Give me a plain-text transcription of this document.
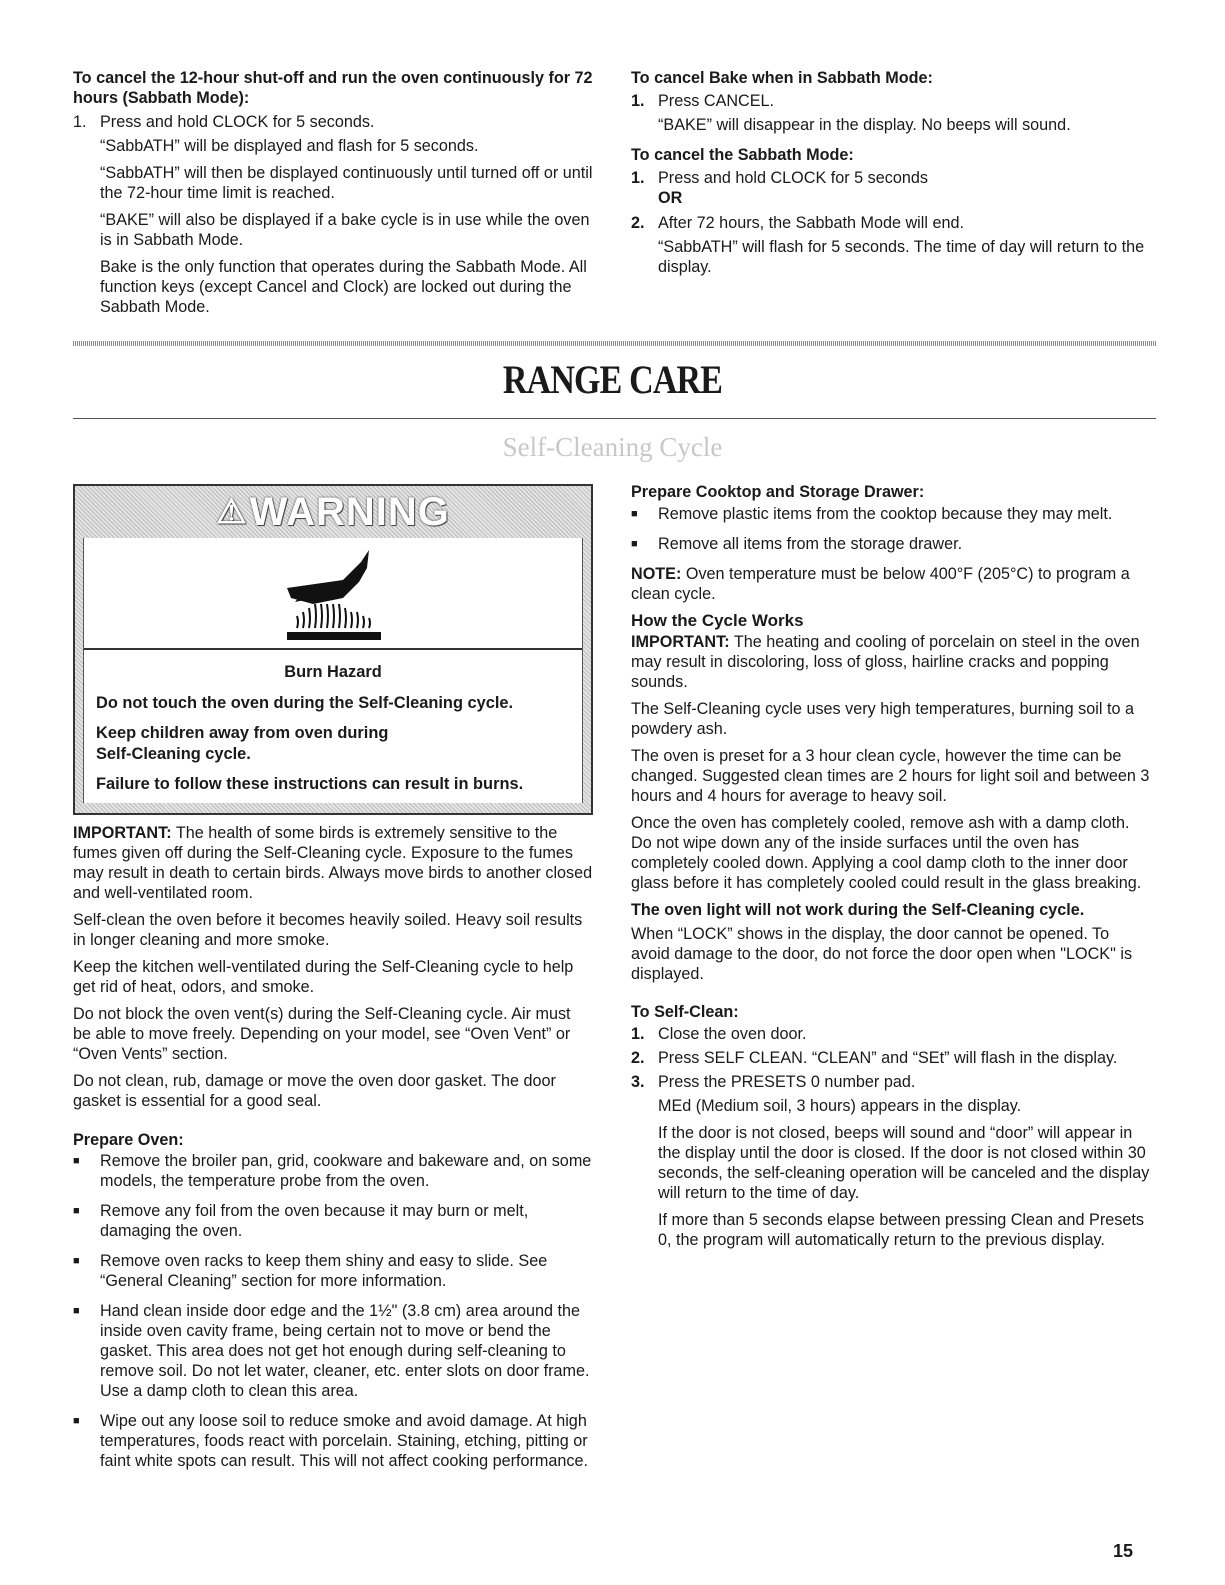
To cancel the 12-hour shut-off and run the oven continuously for 72 hours (Sabbath Mode):

1. Press and hold CLOCK for 5 seconds.

“SabbATH” will be displayed and flash for 5 seconds.

“SabbATH” will then be displayed continuously until turned off or until the 72-hour time limit is reached.

“BAKE” will also be displayed if a bake cycle is in use while the oven is in Sabbath Mode.

Bake is the only function that operates during the Sabbath Mode. All function keys (except Cancel and Clock) are locked out during the Sabbath Mode.

To cancel Bake when in Sabbath Mode:

1. Press CANCEL.

“BAKE” will disappear in the display. No beeps will sound.

To cancel the Sabbath Mode:

1. Press and hold CLOCK for 5 seconds

OR

2. After 72 hours, the Sabbath Mode will end.

“SabbATH” will flash for 5 seconds. The time of day will return to the display.

RANGE CARE
Self-Cleaning Cycle
⚠ WARNING
Burn Hazard

Do not touch the oven during the Self-Cleaning cycle.

Keep children away from oven during Self-Cleaning cycle.

Failure to follow these instructions can result in burns.

IMPORTANT: The health of some birds is extremely sensitive to the fumes given off during the Self-Cleaning cycle. Exposure to the fumes may result in death to certain birds. Always move birds to another closed and well-ventilated room.

Self-clean the oven before it becomes heavily soiled. Heavy soil results in longer cleaning and more smoke.

Keep the kitchen well-ventilated during the Self-Cleaning cycle to help get rid of heat, odors, and smoke.

Do not block the oven vent(s) during the Self-Cleaning cycle. Air must be able to move freely. Depending on your model, see “Oven Vent” or “Oven Vents” section.

Do not clean, rub, damage or move the oven door gasket. The door gasket is essential for a good seal.

Prepare Oven:

■	Remove the broiler pan, grid, cookware and bakeware and, on some models, the temperature probe from the oven.
■	Remove any foil from the oven because it may burn or melt, damaging the oven.
■	Remove oven racks to keep them shiny and easy to slide. See “General Cleaning” section for more information.
■	Hand clean inside door edge and the 1½" (3.8 cm) area around the inside oven cavity frame, being certain not to move or bend the gasket. This area does not get hot enough during self-cleaning to remove soil. Do not let water, cleaner, etc. enter slots on door frame. Use a damp cloth to clean this area.
■	Wipe out any loose soil to reduce smoke and avoid damage. At high temperatures, foods react with porcelain. Staining, etching, pitting or faint white spots can result. This will not affect cooking performance.

Prepare Cooktop and Storage Drawer:

■	Remove plastic items from the cooktop because they may melt.
■	Remove all items from the storage drawer.

NOTE: Oven temperature must be below 400°F (205°C) to program a clean cycle.

How the Cycle Works

IMPORTANT: The heating and cooling of porcelain on steel in the oven may result in discoloring, loss of gloss, hairline cracks and popping sounds.

The Self-Cleaning cycle uses very high temperatures, burning soil to a powdery ash.

The oven is preset for a 3 hour clean cycle, however the time can be changed. Suggested clean times are 2 hours for light soil and between 3 hours and 4 hours for average to heavy soil.

Once the oven has completely cooled, remove ash with a damp cloth. Do not wipe down any of the inside surfaces until the oven has completely cooled down. Applying a cool damp cloth to the inner door glass before it has completely cooled could result in the glass breaking.

The oven light will not work during the Self-Cleaning cycle.

When “LOCK” shows in the display, the door cannot be opened. To avoid damage to the door, do not force the door open when "LOCK" is displayed.

To Self-Clean:

1. Close the oven door.
2. Press SELF CLEAN. “CLEAN” and “SEt” will flash in the display.
3. Press the PRESETS 0 number pad.

MEd (Medium soil, 3 hours) appears in the display.

If the door is not closed, beeps will sound and “door” will appear in the display until the door is closed. If the door is not closed within 30 seconds, the self-cleaning operation will be canceled and the display will return to the time of day.

If more than 5 seconds elapse between pressing Clean and Presets 0, the program will automatically return to the previous display.

15
